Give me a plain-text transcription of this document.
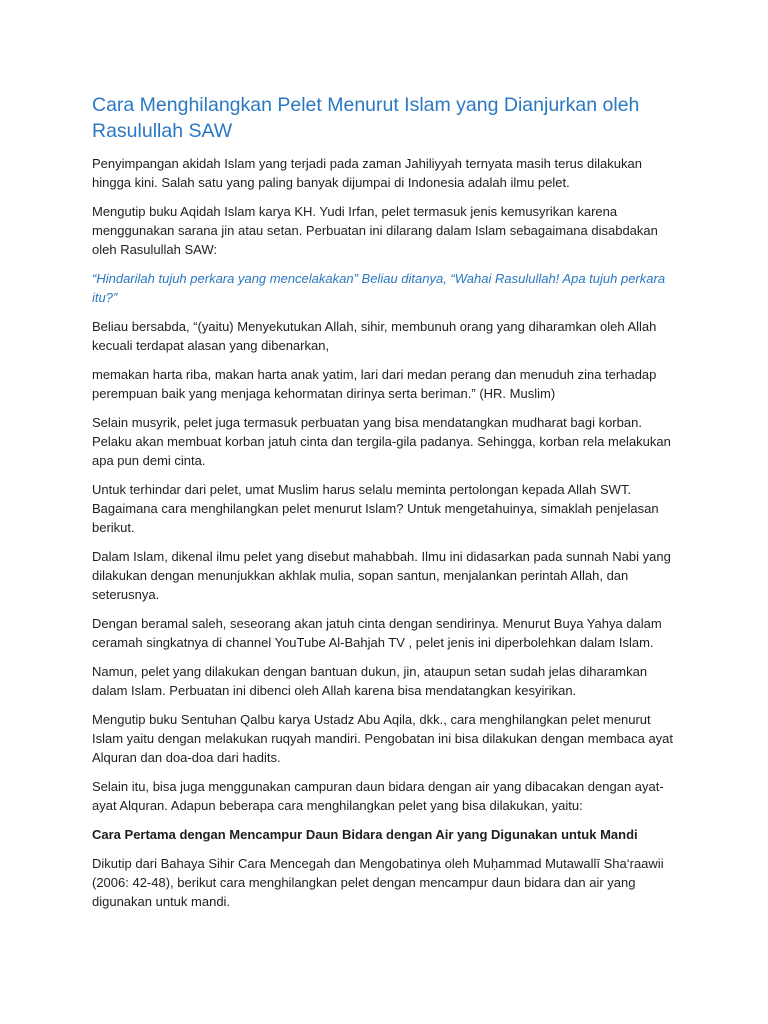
Cara Menghilangkan Pelet Menurut Islam yang Dianjurkan oleh Rasulullah SAW

Penyimpangan akidah Islam yang terjadi pada zaman Jahiliyyah ternyata masih terus dilakukan hingga kini. Salah satu yang paling banyak dijumpai di Indonesia adalah ilmu pelet.

Mengutip buku Aqidah Islam karya KH. Yudi Irfan, pelet termasuk jenis kemusyrikan karena menggunakan sarana jin atau setan. Perbuatan ini dilarang dalam Islam sebagaimana disabdakan oleh Rasulullah SAW:

“Hindarilah tujuh perkara yang mencelakakan” Beliau ditanya, “Wahai Rasulullah! Apa tujuh perkara itu?”

Beliau bersabda, “(yaitu) Menyekutukan Allah, sihir, membunuh orang yang diharamkan oleh Allah kecuali terdapat alasan yang dibenarkan,

memakan harta riba, makan harta anak yatim, lari dari medan perang dan menuduh zina terhadap perempuan baik yang menjaga kehormatan dirinya serta beriman.” (HR. Muslim)

Selain musyrik, pelet juga termasuk perbuatan yang bisa mendatangkan mudharat bagi korban. Pelaku akan membuat korban jatuh cinta dan tergila-gila padanya. Sehingga, korban rela melakukan apa pun demi cinta.

Untuk terhindar dari pelet, umat Muslim harus selalu meminta pertolongan kepada Allah SWT. Bagaimana cara menghilangkan pelet menurut Islam? Untuk mengetahuinya, simaklah penjelasan berikut.

Dalam Islam, dikenal ilmu pelet yang disebut mahabbah. Ilmu ini didasarkan pada sunnah Nabi yang dilakukan dengan menunjukkan akhlak mulia, sopan santun, menjalankan perintah Allah, dan seterusnya.

Dengan beramal saleh, seseorang akan jatuh cinta dengan sendirinya. Menurut Buya Yahya dalam ceramah singkatnya di channel YouTube Al-Bahjah TV , pelet jenis ini diperbolehkan dalam Islam.

Namun, pelet yang dilakukan dengan bantuan dukun, jin, ataupun setan sudah jelas diharamkan dalam Islam. Perbuatan ini dibenci oleh Allah karena bisa mendatangkan kesyirikan.

Mengutip buku Sentuhan Qalbu karya Ustadz Abu Aqila, dkk., cara menghilangkan pelet menurut Islam yaitu dengan melakukan ruqyah mandiri. Pengobatan ini bisa dilakukan dengan membaca ayat Alquran dan doa-doa dari hadits.

Selain itu, bisa juga menggunakan campuran daun bidara dengan air yang dibacakan dengan ayat-ayat Alquran. Adapun beberapa cara menghilangkan pelet yang bisa dilakukan, yaitu:

Cara Pertama dengan Mencampur Daun Bidara dengan Air yang Digunakan untuk Mandi

Dikutip dari Bahaya Sihir Cara Mencegah dan Mengobatinya oleh Muḥammad Mutawallī Sha‘raawii (2006: 42-48), berikut cara menghilangkan pelet dengan mencampur daun bidara dan air yang digunakan untuk mandi.
